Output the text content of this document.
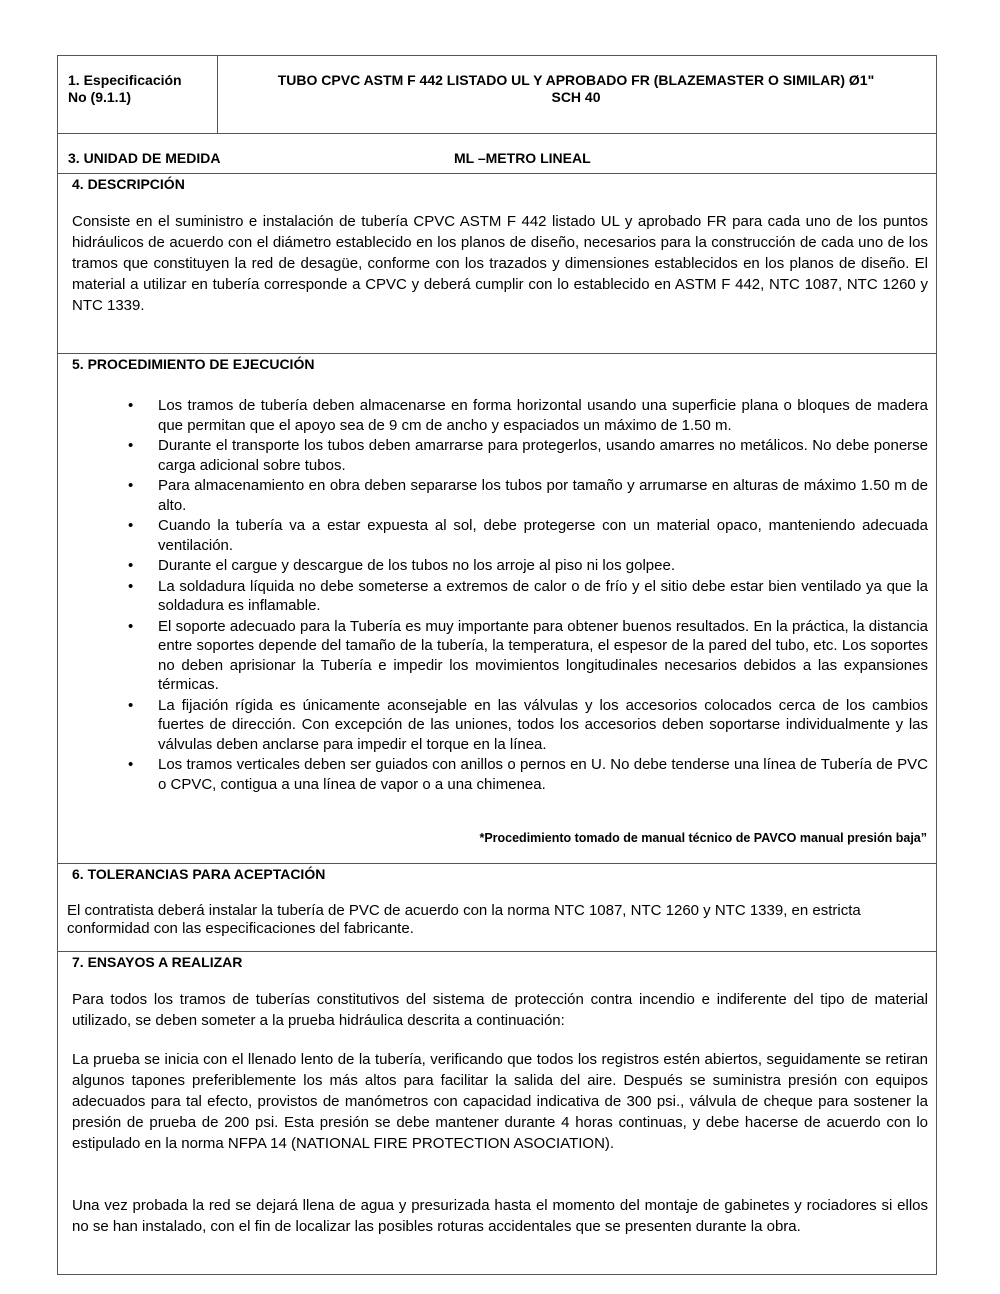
1. Especificación
No (9.1.1)
TUBO CPVC ASTM F 442 LISTADO UL Y APROBADO FR (BLAZEMASTER O SIMILAR) Ø1"
SCH 40
3. UNIDAD DE MEDIDA	ML –METRO LINEAL
4. DESCRIPCIÓN
Consiste en el suministro e instalación de tubería CPVC ASTM F 442 listado UL y aprobado FR para cada uno de los puntos hidráulicos de acuerdo con el diámetro establecido en los planos de diseño, necesarios para la construcción de cada uno de los tramos que constituyen la red de desagüe, conforme con los trazados y dimensiones establecidos en los planos de diseño. El material a utilizar en tubería corresponde a CPVC y deberá cumplir con lo establecido en ASTM F 442, NTC 1087, NTC 1260 y NTC 1339.
5. PROCEDIMIENTO DE EJECUCIÓN
• Los tramos de tubería deben almacenarse en forma horizontal usando una superficie plana o bloques de madera que permitan que el apoyo sea de 9 cm de ancho y espaciados un máximo de 1.50 m.
• Durante el transporte los tubos deben amarrarse para protegerlos, usando amarres no metálicos. No debe ponerse carga adicional sobre tubos.
• Para almacenamiento en obra deben separarse los tubos por tamaño y arrumarse en alturas de máximo 1.50 m de alto.
• Cuando la tubería va a estar expuesta al sol, debe protegerse con un material opaco, manteniendo adecuada ventilación.
• Durante el cargue y descargue de los tubos no los arroje al piso ni los golpee.
• La soldadura líquida no debe someterse a extremos de calor o de frío y el sitio debe estar bien ventilado ya que la soldadura es inflamable.
• El soporte adecuado para la Tubería es muy importante para obtener buenos resultados. En la práctica, la distancia entre soportes depende del tamaño de la tubería, la temperatura, el espesor de la pared del tubo, etc. Los soportes no deben aprisionar la Tubería e impedir los movimientos longitudinales necesarios debidos a las expansiones térmicas.
• La fijación rígida es únicamente aconsejable en las válvulas y los accesorios colocados cerca de los cambios fuertes de dirección. Con excepción de las uniones, todos los accesorios deben soportarse individualmente y las válvulas deben anclarse para impedir el torque en la línea.
• Los tramos verticales deben ser guiados con anillos o pernos en U. No debe tenderse una línea de Tubería de PVC o CPVC, contigua a una línea de vapor o a una chimenea.
*Procedimiento tomado de manual técnico de PAVCO manual presión baja”
6. TOLERANCIAS PARA ACEPTACIÓN
El contratista deberá instalar la tubería de PVC de acuerdo con la norma NTC 1087, NTC 1260 y NTC 1339, en estricta conformidad con las especificaciones del fabricante.
7. ENSAYOS A REALIZAR
Para todos los tramos de tuberías constitutivos del sistema de protección contra incendio e indiferente del tipo de material utilizado, se deben someter a la prueba hidráulica descrita a continuación:
La prueba se inicia con el llenado lento de la tubería, verificando que todos los registros estén abiertos, seguidamente se retiran algunos tapones preferiblemente los más altos para facilitar la salida del aire. Después se suministra presión con equipos adecuados para tal efecto, provistos de manómetros con capacidad indicativa de 300 psi., válvula de cheque para sostener la presión de prueba de 200 psi. Esta presión se debe mantener durante 4 horas continuas, y debe hacerse de acuerdo con lo estipulado en la norma NFPA 14 (NATIONAL FIRE PROTECTION ASOCIATION).
Una vez probada la red se dejará llena de agua y presurizada hasta el momento del montaje de gabinetes y rociadores si ellos no se han instalado, con el fin de localizar las posibles roturas accidentales que se presenten durante la obra.
